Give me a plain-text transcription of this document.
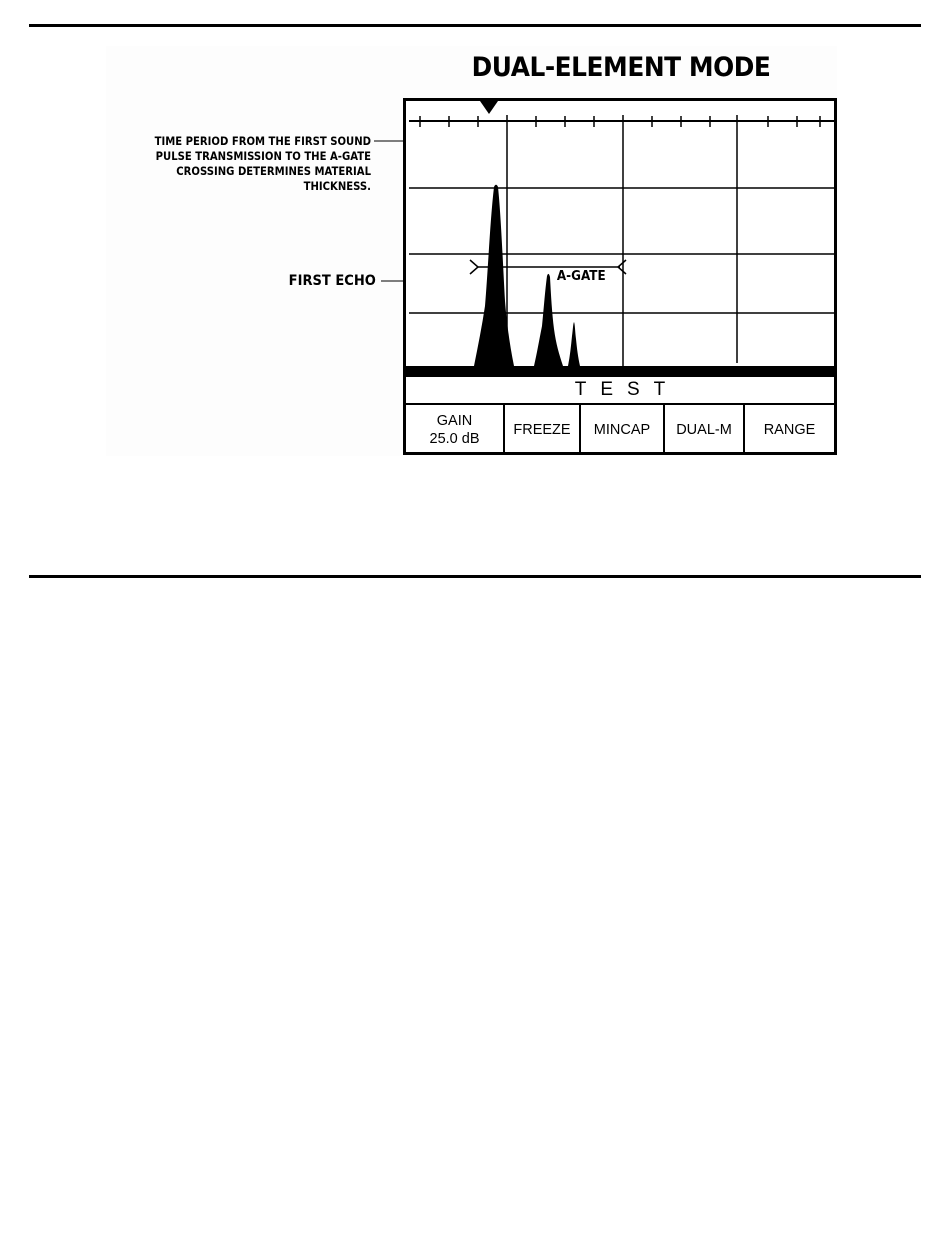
DUAL-ELEMENT MODE
TIME PERIOD FROM THE FIRST SOUND
PULSE TRANSMISSION TO THE A-GATE
CROSSING DETERMINES MATERIAL
THICKNESS.
FIRST ECHO	A-GATE
TEST
GAIN
25.0 dB
FREEZE MINCAP DUAL-M RANGE
